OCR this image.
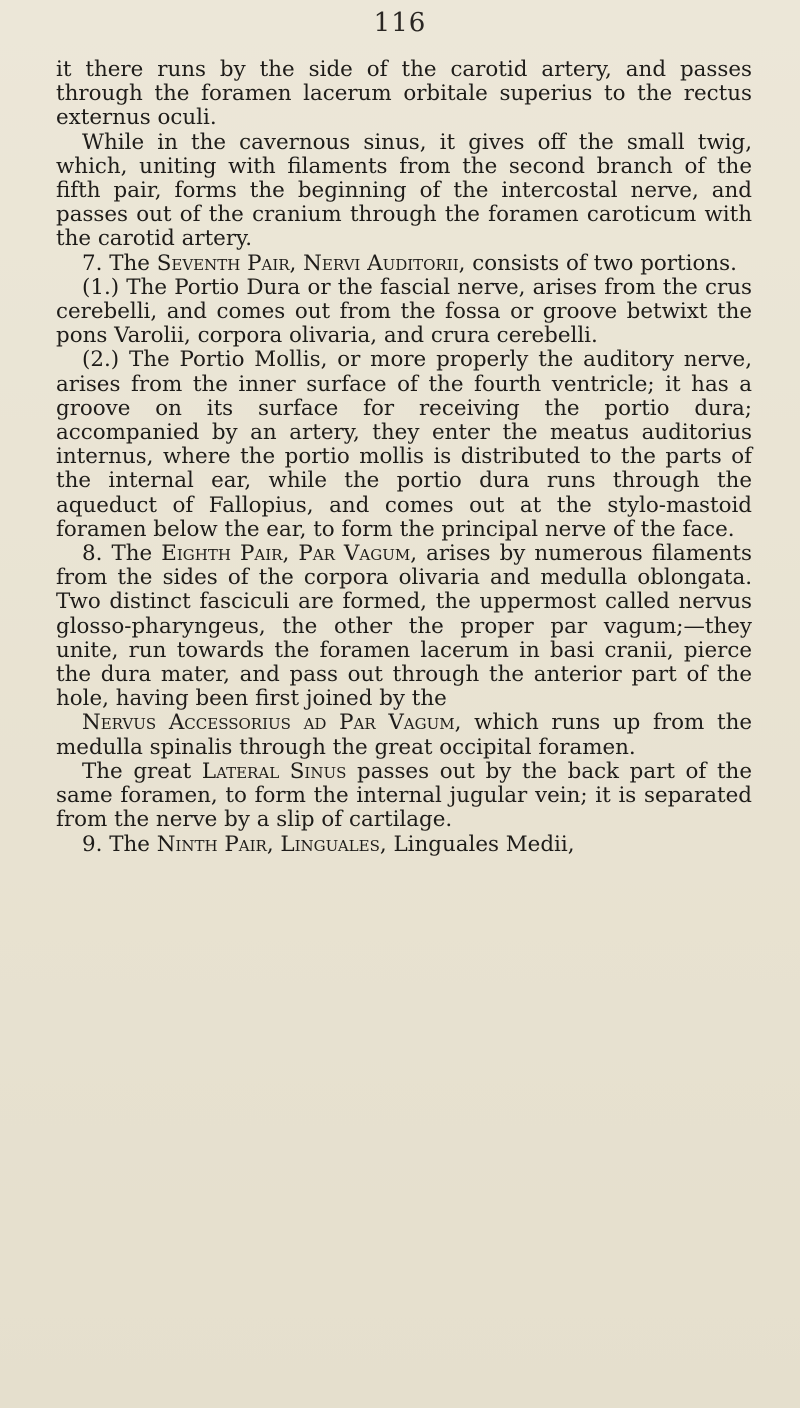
116

it there runs by the side of the carotid artery, and passes through the foramen lacerum orbitale superius to the rectus externus oculi.

While in the cavernous sinus, it gives off the small twig, which, uniting with filaments from the second branch of the fifth pair, forms the beginning of the intercostal nerve, and passes out of the cranium through the foramen caroticum with the carotid artery.

7. The Seventh Pair, Nervi Auditorii, consists of two portions.

(1.) The Portio Dura or the fascial nerve, arises from the crus cerebelli, and comes out from the fossa or groove betwixt the pons Varolii, corpora olivaria, and crura cerebelli.

(2.) The Portio Mollis, or more properly the auditory nerve, arises from the inner surface of the fourth ventricle; it has a groove on its surface for receiving the portio dura; accompanied by an artery, they enter the meatus auditorius internus, where the portio mollis is distributed to the parts of the internal ear, while the portio dura runs through the aqueduct of Fallopius, and comes out at the stylo-mastoid foramen below the ear, to form the principal nerve of the face.

8. The Eighth Pair, Par Vagum, arises by numerous filaments from the sides of the corpora olivaria and medulla oblongata. Two distinct fasciculi are formed, the uppermost called nervus glosso-pharyngeus, the other the proper par vagum;—they unite, run towards the foramen lacerum in basi cranii, pierce the dura mater, and pass out through the anterior part of the hole, having been first joined by the

Nervus Accessorius ad Par Vagum, which runs up from the medulla spinalis through the great occipital foramen.

The great Lateral Sinus passes out by the back part of the same foramen, to form the internal jugular vein; it is separated from the nerve by a slip of cartilage.

9. The Ninth Pair, Linguales, Linguales Medii,
